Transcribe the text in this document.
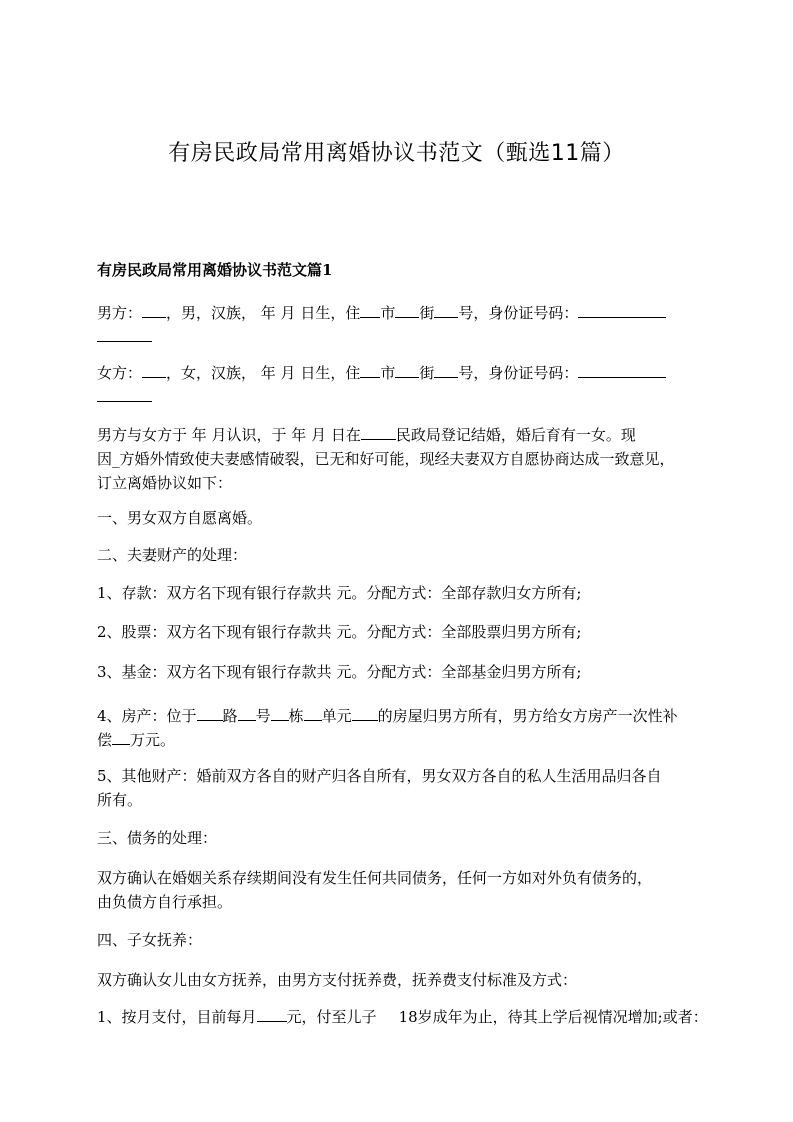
有房民政局常用离婚协议书范文（甄选11篇）
有房民政局常用离婚协议书范文篇1
男方： ，男，汉族， 年 月 日生，住 市 街 号，身份证号码：

女方： ，女，汉族， 年 月 日生，住 市 街 号，身份证号码：

男方与女方于 年 月认识，于 年 月 日在 民政局登记结婚，婚后育有一女。现
因_方婚外情致使夫妻感情破裂，已无和好可能，现经夫妻双方自愿协商达成一致意见，
订立离婚协议如下：
一、男女双方自愿离婚。
二、夫妻财产的处理：
1、存款：双方名下现有银行存款共 元。分配方式：全部存款归女方所有;
2、股票：双方名下现有银行存款共 元。分配方式：全部股票归男方所有;
3、基金：双方名下现有银行存款共 元。分配方式：全部基金归男方所有;
4、房产：位于 路 号 栋 单元 的房屋归男方所有，男方给女方房产一次性补
偿 万元。
5、其他财产：婚前双方各自的财产归各自所有，男女双方各自的私人生活用品归各自
所有。
三、债务的处理：
双方确认在婚姻关系存续期间没有发生任何共同债务，任何一方如对外负有债务的，
由负债方自行承担。
四、子女抚养：
双方确认女儿由女方抚养，由男方支付抚养费，抚养费支付标准及方式：
1、按月支付，目前每月 元，付至儿子 18岁成年为止，待其上学后视情况增加;或者：
